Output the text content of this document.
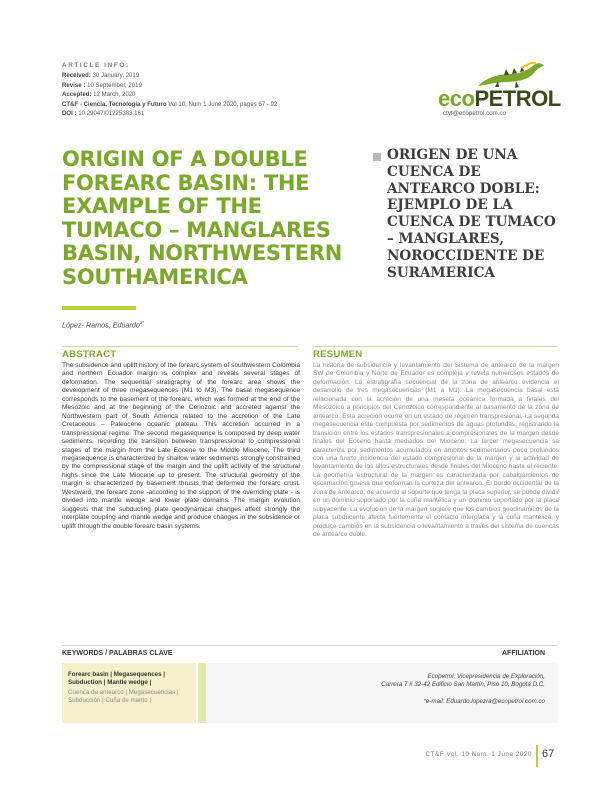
ARTICLE INFO:
Received: 30 January, 2019
Revise : 10 September, 2019
Accepted: 12 March, 2020
CT&F - Ciencia, Tecnología y Futuro Vol 10, Num 1 June 2020, pages 67 - 92
DOI : 10.29047/01225383.161
ecoPETROL
ctyf@ecopetrol.com.co
ORIGIN OF A DOUBLE FOREARC BASIN: THE EXAMPLE OF THE TUMACO – MANGLARES BASIN, NORTHWESTERN SOUTHAMERICA
ORIGEN DE UNA CUENCA DE ANTEARCO DOBLE: EJEMPLO DE LA CUENCA DE TUMACO – MANGLARES, NOROCCIDENTE DE SURAMERICA
López- Ramos, Eduardo$^{a*}$
ABSTRACT

The subsidence and uplift history of the forearc system of southwestern Colombia and northern Ecuador margin is complex and reveals several stages of deformation. The sequential stratigraphy of the forearc area shows the development of three megasequences (M1 to M3). The basal megasequence corresponds to the basement of the forearc, which was formed at the end of the Mesozoic and at the beginning of the Cenozoic and accreted against the Northwestern part of South America related to the accretion of the Late Cretaceous – Paleocene oceanic plateau. This accretion occurred in a transpressional regime. The second megasequence is composed by deep water sediments, recording the transition between transpressional to compressional stages of the margin from the Late Eocene to the Middle Miocene. The third megasequence is characterized by shallow water sediments strongly constrained by the compressional stage of the margin and the uplift activity of the structural highs since the Late Miocene up to present. The structural geometry of the margin is characterized by basement thrusts that deformed the forearc crust. Westward, the forearc zone -according to the support of the overriding plate - is divided into mantle wedge and lower plate domains. The margin evolution suggests that the subducting plate geodynamical changes affect strongly the interplate coupling and mantle wedge and produce changes in the subsidence or uplift through the double forearc basin systems.

RESUMEN

La historia de subsidencia y levantamiento del Sistema de antearco de la margen SW de Colombia y Norte de Ecuador es compleja y revela numerosos estados de deformación. La estratigrafía secuencial de la zona de antearco evidencia el desarrollo de tres megasecuencias (M1 a M3). La megasecuencia basal está relacionada con la acreción de una meseta oceánica formada a finales del Mesozoico a principios del Cenozoico correspondiente al basamento de la zona de antearco. Esta acreción ocurre en un estado de régimen transpresional. La segunda megasecuencia está compuesta por sedimentos de aguas profundas, registrando la transición entre los estados transpresionales a compresionales de la margen desde finales del Eoceno hasta mediados del Mioceno. La tercer megasecuencia se caracteriza por sedimentos acumulados en ámbitos sedimentarios poco profundos con una fuerte incidencia del estado compresional de la margen y la actividad de levantamiento de los altos estructurales desde finales del Mioceno hasta el reciente. La geometría estructural de la margen es caracterizada por cabalgamientos de escamación gruesa que deforman la corteza del antearco. El borde occidental de la zona de antearco, de acuerdo al soporte que tenga la placa superior, se puede dividir en un dominio soportado por la cuña mantélica y un dominio soportado por la placa subyacente. La evolución de la margen sugiere que los cambios geodinámicos de la placa subducente afecta fuertemente el contacto interplaca y la cuña mantélica, y produce cambios en la subsidencia o levantamiento a través del sistema de cuencas de antearco doble.

KEYWORDS / PALABRAS CLAVE	AFFILIATION
Forearc basin | Megasequences | Subduction | Mantle wedge |
Cuenca de antearco | Megasecuencias | Subducción | Cuña de manto |
Ecopetrol, Vicepresidencia de Exploración,
Carrera 7 # 32-42 Edificio San Martín, Piso 10, Bogotá D.C.
*e-mail: Eduardo.lopezra@ecopetrol.com.co
CT&F Vol. 10 Num. 1 June 2020 67
